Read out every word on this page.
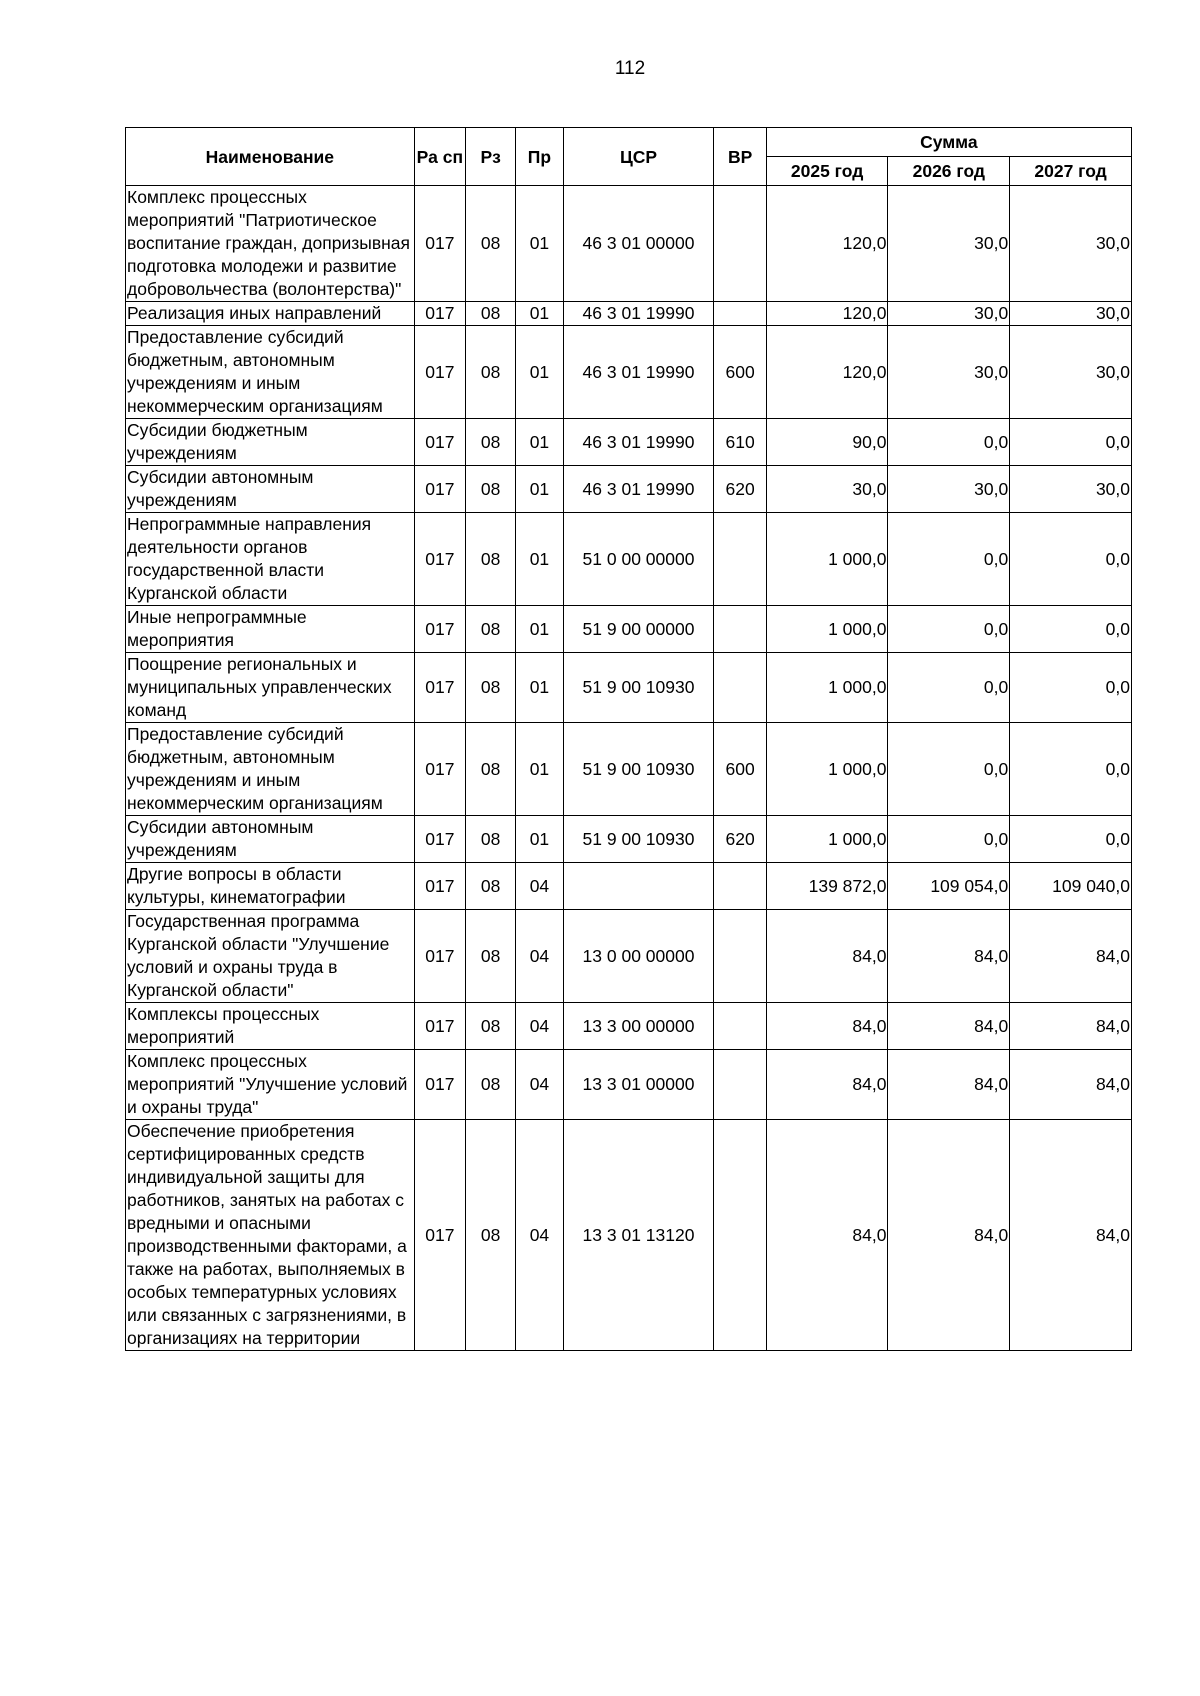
112
Наименование	Ра сп	Рз	Пр	ЦСР	ВР	Сумма		
						2025 год	2026 год	2027 год
Комплекс процессных мероприятий "Патриотическое воспитание граждан, допризывная подготовка молодежи и развитие добровольчества (волонтерства)"	017	08	01	46 3 01 00000		120,0	30,0	30,0
Реализация иных направлений	017	08	01	46 3 01 19990		120,0	30,0	30,0
Предоставление субсидий бюджетным, автономным учреждениям и иным некоммерческим организациям	017	08	01	46 3 01 19990	600	120,0	30,0	30,0
Субсидии бюджетным учреждениям	017	08	01	46 3 01 19990	610	90,0	0,0	0,0
Субсидии автономным учреждениям	017	08	01	46 3 01 19990	620	30,0	30,0	30,0
Непрограммные направления деятельности органов государственной власти Курганской области	017	08	01	51 0 00 00000		1 000,0	0,0	0,0
Иные непрограммные мероприятия	017	08	01	51 9 00 00000		1 000,0	0,0	0,0
Поощрение региональных и муниципальных управленческих команд	017	08	01	51 9 00 10930		1 000,0	0,0	0,0
Предоставление субсидий бюджетным, автономным учреждениям и иным некоммерческим организациям	017	08	01	51 9 00 10930	600	1 000,0	0,0	0,0
Субсидии автономным учреждениям	017	08	01	51 9 00 10930	620	1 000,0	0,0	0,0
Другие вопросы в области культуры, кинематографии	017	08	04			139 872,0	109 054,0	109 040,0
Государственная программа Курганской области "Улучшение условий и охраны труда в Курганской области"	017	08	04	13 0 00 00000		84,0	84,0	84,0
Комплексы процессных мероприятий	017	08	04	13 3 00 00000		84,0	84,0	84,0
Комплекс процессных мероприятий "Улучшение условий и охраны труда"	017	08	04	13 3 01 00000		84,0	84,0	84,0
Обеспечение приобретения сертифицированных средств индивидуальной защиты для работников, занятых на работах с вредными и опасными производственными факторами, а также на работах, выполняемых в особых температурных условиях или связанных с загрязнениями, в организациях на территории	017	08	04	13 3 01 13120		84,0	84,0	84,0
